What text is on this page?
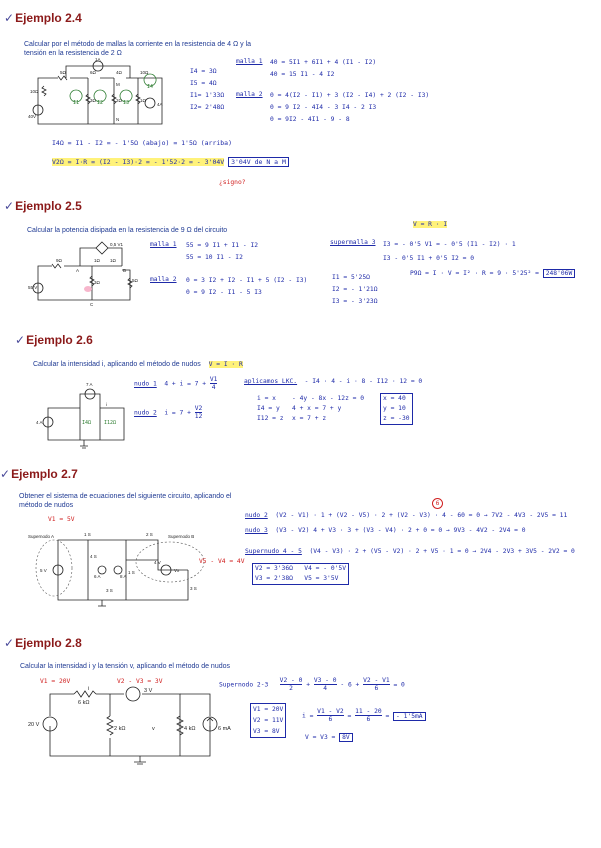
✓Ejemplo 2.4
Calcular por el método de mallas la corriente en la resistencia de 4 Ω y la
tensión en la resistencia de 2 Ω
1A
40V
5Ω	6Ω	4Ω
3Ω	2Ω
10Ω
1Ω
4A
10Ω
M
N
I1	I2	I3
I4
I4 = 3Ω
I5 = 4Ω
I1= 1'33Ω
I2= 2'48Ω
malla 1 40 = 5I1 + 6I1 + 4 (I1 - I2)
40 = 15 I1 - 4 I2
malla 2 0 = 4(I2 - I1) + 3 (I2 - I4) + 2 (I2 - I3)
0 = 9 I2 - 4I4 - 3 I4 - 2 I3
0 = 9I2 - 4I1 - 9 - 8
I4Ω = I1 - I2 = - 1'5Ω (abajo) = 1'5Ω (arriba)
V2Ω = I·R = (I2 - I3)·2 = - 1'52·2 = - 3'04V 3'04V de N a M
¿signo?
✓Ejemplo 2.5
Calcular la potencia disipada en la resistencia de 9 Ω del circuito
55 V
9Ω	1Ω
3Ω	5Ω
1Ω
0,5 V1
A	B
C
malla 1 55 = 9 I1 + I1 - I2
55 = 10 I1 - I2
malla 2 0 = 3 I2 + I2 - I1 + 5 (I2 - I3)
0 = 9 I2 - I1 - 5 I3
V = R · I
supermalla 3 I3 = - 0'5 V1 = - 0'5 (I1 - I2) · 1
I3 - 0'5 I1 + 0'5 I2 = 0
I1 = 5'25Ω
I2 = - 1'21Ω
I3 = - 3'23Ω
P9Ω = I · V = I² · R = 9 · 5'25² = 248'06W
✓Ejemplo 2.6
Calcular la intensidad i, aplicando el método de nudos V = I · R
i
7 A
4 A	I4Ω	I12Ω
nudo 1 $4 + i = 7 + \frac{V1}{4}$
nudo 2 $i = 7 + \frac{V2}{12}$
aplicamos LKC. - I4 · 4 - i · 8 - I12 · 12 = 0
i = x
I4 = y
I12 = z
- 4y - 8x - 12z = 0
4 + x = 7 + y
x = 7 + z
x = 40
y = 10
z = -30
✓Ejemplo 2.7
Obtener el sistema de ecuaciones del siguiente circuito, aplicando el
método de nudos
V1 = 5V
Supernodo A	Supernodo B
1 S	2 S
4 S
1 S
3 S	3 S
6 A	8 A
5 V
4 V
Vx
V5 - V4 = 4V
6
nudo 2 (V2 - V1) · 1 + (V2 - V5) · 2 + (V2 - V3) · 4 - 60 = 0 → 7V2 - 4V3 - 2V5 = 11
nudo 3 (V3 - V2) 4 + V3 · 3 + (V3 - V4) · 2 + 0 = 0 → 9V3 - 4V2 - 2V4 = 0
Supernudo 4 - 5 (V4 - V3) · 2 + (V5 - V2) · 2 + V5 · 1 = 0 → 2V4 - 2V3 + 3V5 - 2V2 = 0
V2 = 3'36Ω V4 = - 0'5V
V3 = 2'38Ω V5 = 3'5V
✓Ejemplo 2.8
Calcular la intensidad i y la tensión v, aplicando el método de nudos
V1 = 20V	V2 - V3 = 3V
20 V
6 kΩ
2 kΩ	4 kΩ
3 V
6 mA
i
v
Supernodo $2-3 \frac{V2 - 0}{2} + \frac{V3 - 0}{4} - 6 + \frac{V2 - V1}{6} = 0$
V1 = 20V
V2 = 11V
V3 = 8V
$i = \frac{V1 - V2}{6} = \frac{11 - 20}{6}$ = - 1'5mA
V = V3 = 8V
